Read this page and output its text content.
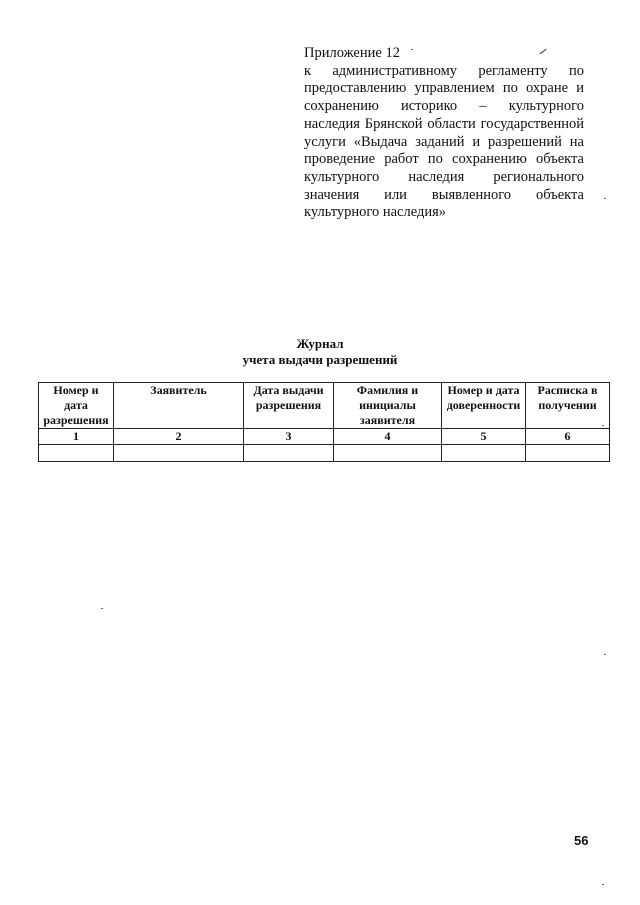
Приложение 12
к административному регламенту по предоставлению управлением по охране и сохранению историко – культурного наследия Брянской области государственной услуги «Выдача заданий и разрешений на проведение работ по сохранению объекта культурного наследия регионального значения или выявленного объекта культурного наследия»
Журнал
учета выдачи разрешений
Номер и дата разрешения	Заявитель	Дата выдачи разрешения	Фамилия и инициалы заявителя	Номер и дата доверенности	Расписка в получении
1	2	3	4	5	6

56
